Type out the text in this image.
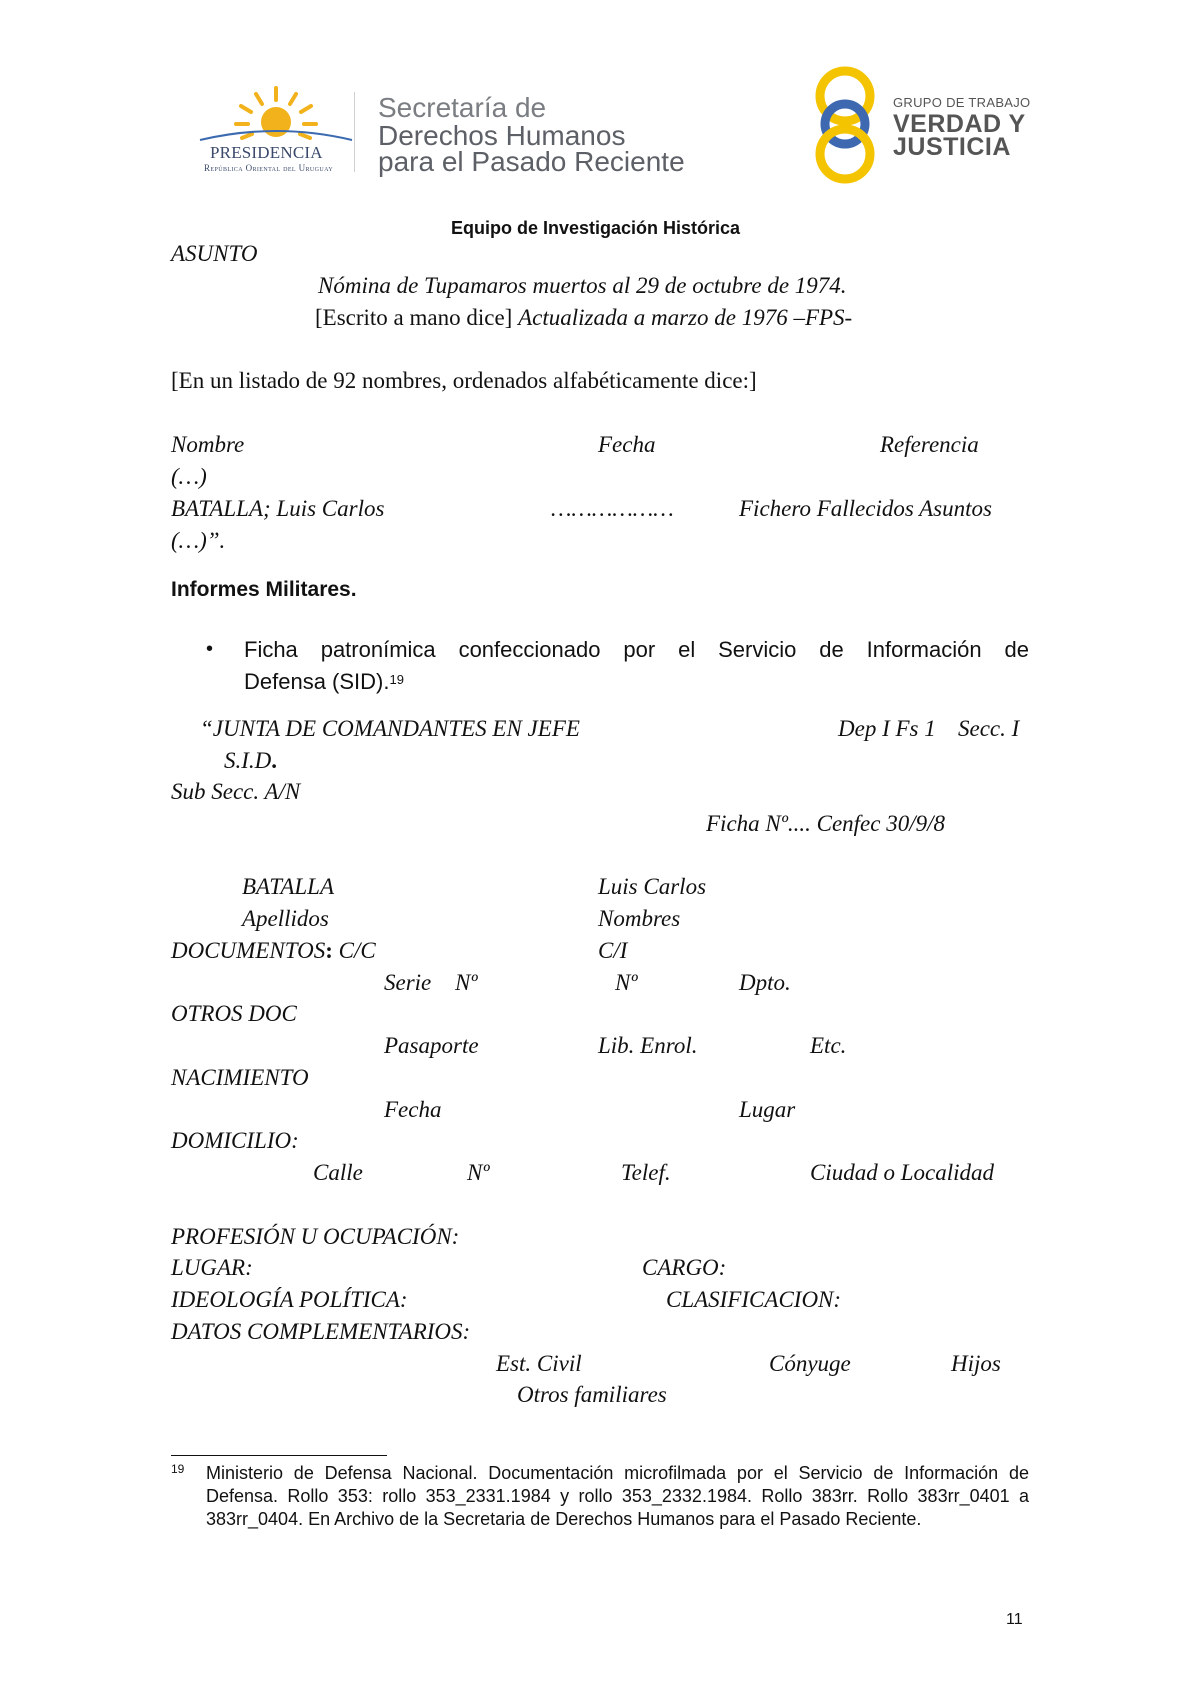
PRESIDENCIA
República Oriental del Uruguay
Secretaría de
Derechos Humanos
para el Pasado Reciente
GRUPO DE TRABAJO
VERDAD Y
JUSTICIA
Equipo de Investigación Histórica
ASUNTO
Nómina de Tupamaros muertos al 29 de octubre de 1974.
[Escrito a mano dice] Actualizada a marzo de 1976 –FPS-
[En un listado de 92 nombres, ordenados alfabéticamente dice:]
Nombre	Fecha	Referencia
(…)
BATALLA; Luis Carlos	………………	Fichero Fallecidos Asuntos
(…)”.
Informes Militares.
• Ficha patronímica confeccionado por el Servicio de Información de
Defensa (SID).$^{19}$
“JUNTA DE COMANDANTES EN JEFE	Dep I Fs 1 Secc. I
S.I.D.
Sub Secc. A/N
Ficha Nº.... Cenfec 30/9/8
BATALLA	Luis Carlos
Apellidos	Nombres
DOCUMENTOS: C/C	C/I
Serie Nº	Nº	Dpto.
OTROS DOC
Pasaporte	Lib. Enrol.	Etc.
NACIMIENTO
Fecha	Lugar
DOMICILIO:
Calle	Nº	Telef.	Ciudad o Localidad
PROFESIÓN U OCUPACIÓN:
LUGAR:	CARGO:
IDEOLOGÍA POLÍTICA:	CLASIFICACION:
DATOS COMPLEMENTARIOS:
Est. Civil	Cónyuge	Hijos
Otros familiares
19 Ministerio de Defensa Nacional. Documentación microfilmada por el Servicio de Información de Defensa. Rollo 353: rollo 353_2331.1984 y rollo 353_2332.1984. Rollo 383rr. Rollo 383rr_0401 a 383rr_0404. En Archivo de la Secretaria de Derechos Humanos para el Pasado Reciente.
11
